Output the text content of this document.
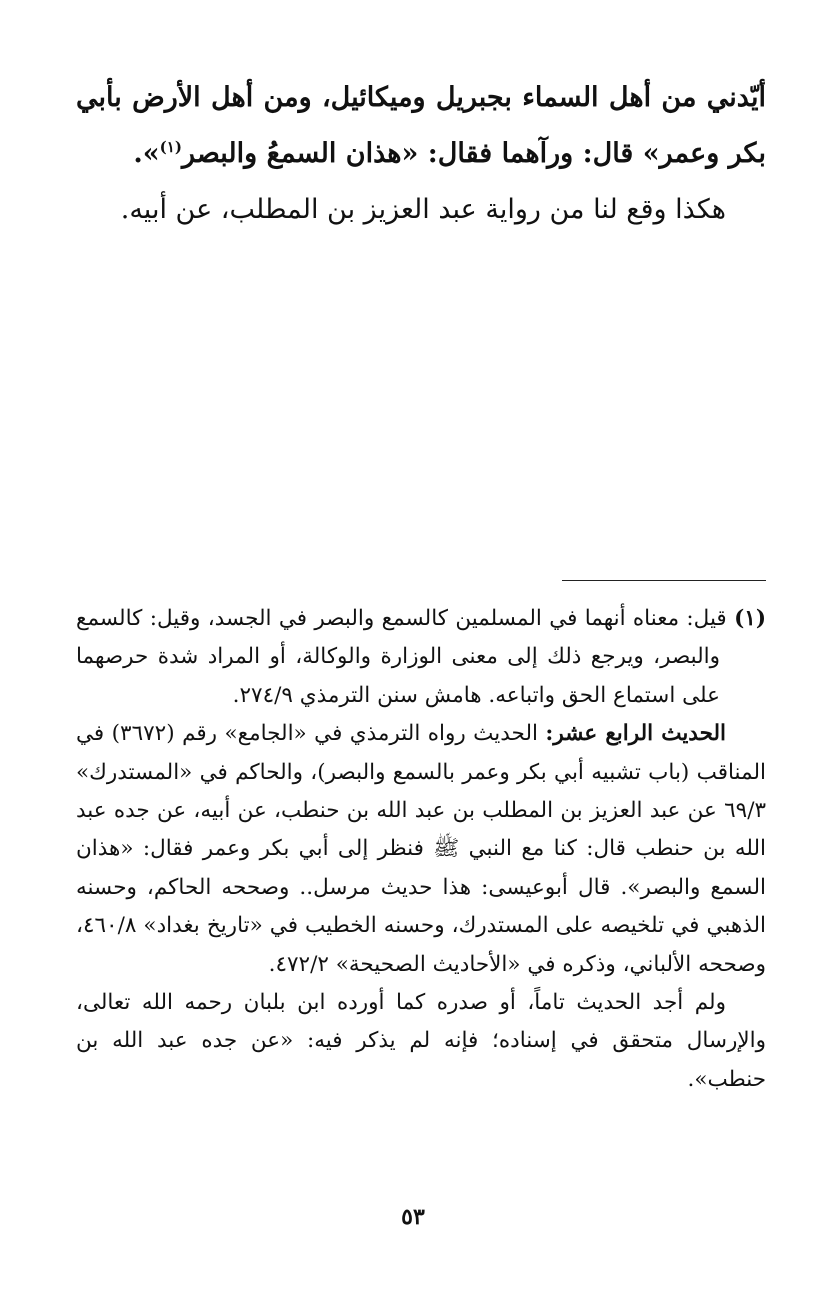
أيّدني من أهل السماء بجبريل وميكائيل، ومن أهل الأرض بأبي بكر وعمر» قال: ورآهما فقال: «هذان السمعُ والبصر$^{(١)}$».

هكذا وقع لنا من رواية عبد العزيز بن المطلب، عن أبيه.

(١) قيل: معناه أنهما في المسلمين كالسمع والبصر في الجسد، وقيل: كالسمع والبصر، ويرجع ذلك إلى معنى الوزارة والوكالة، أو المراد شدة حرصهما على استماع الحق واتباعه. هامش سنن الترمذي ٢٧٤/٩.

الحديث الرابع عشر: الحديث رواه الترمذي في «الجامع» رقم (٣٦٧٢) في المناقب (باب تشبيه أبي بكر وعمر بالسمع والبصر)، والحاكم في «المستدرك» ٦٩/٣ عن عبد العزيز بن المطلب بن عبد الله بن حنطب، عن أبيه، عن جده عبد الله بن حنطب قال: كنا مع النبي ﷺ فنظر إلى أبي بكر وعمر فقال: «هذان السمع والبصر». قال أبوعيسى: هذا حديث مرسل.. وصححه الحاكم، وحسنه الذهبي في تلخيصه على المستدرك، وحسنه الخطيب في «تاريخ بغداد» ٤٦٠/٨، وصححه الألباني، وذكره في «الأحاديث الصحيحة» ٤٧٢/٢.

ولم أجد الحديث تاماً، أو صدره كما أورده ابن بلبان رحمه الله تعالى، والإرسال متحقق في إسناده؛ فإنه لم يذكر فيه: «عن جده عبد الله بن حنطب».

٥٣
